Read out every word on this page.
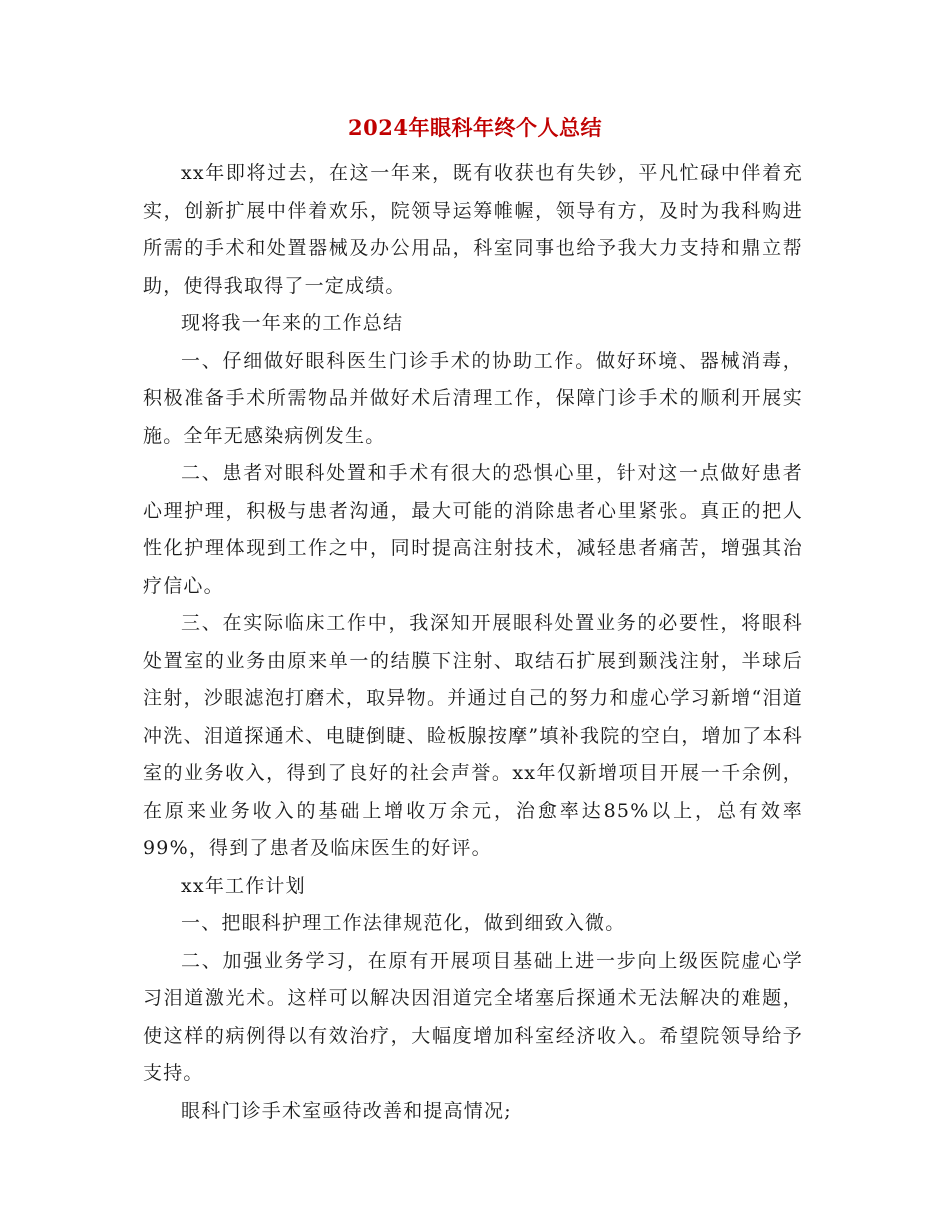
2024年眼科年终个人总结

xx年即将过去，在这一年来，既有收获也有失钞，平凡忙碌中伴着充实，创新扩展中伴着欢乐，院领导运筹帷幄，领导有方，及时为我科购进所需的手术和处置器械及办公用品，科室同事也给予我大力支持和鼎立帮助，使得我取得了一定成绩。

现将我一年来的工作总结

一、仔细做好眼科医生门诊手术的协助工作。做好环境、器械消毒，积极准备手术所需物品并做好术后清理工作，保障门诊手术的顺利开展实施。全年无感染病例发生。

二、患者对眼科处置和手术有很大的恐惧心里，针对这一点做好患者心理护理，积极与患者沟通，最大可能的消除患者心里紧张。真正的把人性化护理体现到工作之中，同时提高注射技术，减轻患者痛苦，增强其治疗信心。

三、在实际临床工作中，我深知开展眼科处置业务的必要性，将眼科处置室的业务由原来单一的结膜下注射、取结石扩展到颞浅注射，半球后注射，沙眼滤泡打磨术，取异物。并通过自己的努力和虚心学习新增“泪道冲洗、泪道探通术、电睫倒睫、睑板腺按摩”填补我院的空白，增加了本科室的业务收入，得到了良好的社会声誉。xx年仅新增项目开展一千余例，在原来业务收入的基础上增收万余元，治愈率达85%以上，总有效率99%，得到了患者及临床医生的好评。

xx年工作计划

一、把眼科护理工作法律规范化，做到细致入微。

二、加强业务学习，在原有开展项目基础上进一步向上级医院虚心学习泪道激光术。这样可以解决因泪道完全堵塞后探通术无法解决的难题，使这样的病例得以有效治疗，大幅度增加科室经济收入。希望院领导给予支持。

眼科门诊手术室亟待改善和提高情况;
